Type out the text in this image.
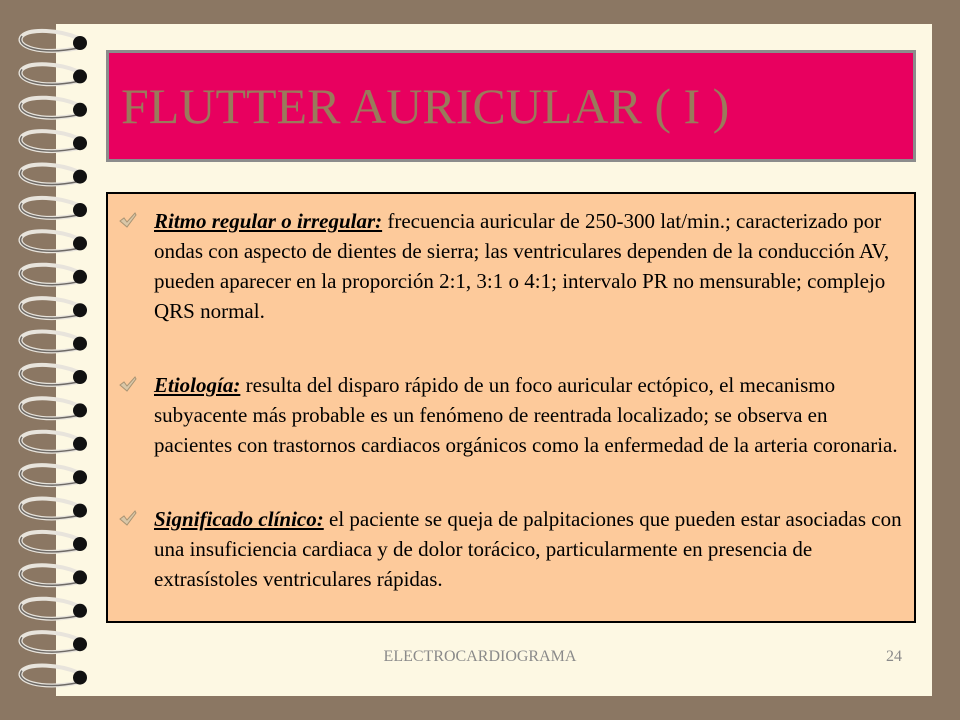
FLUTTER AURICULAR ( I )
Ritmo regular o irregular: frecuencia auricular de 250-300 lat/min.; caracterizado por ondas con aspecto de dientes de sierra; las ventriculares dependen de la conducción AV, pueden aparecer en la proporción 2:1, 3:1 o 4:1; intervalo PR no mensurable; complejo QRS normal.
Etiología: resulta del disparo rápido de un foco auricular ectópico, el mecanismo subyacente más probable es un fenómeno de reentrada localizado; se observa en pacientes con trastornos cardiacos orgánicos como la enfermedad de la arteria coronaria.
Significado clínico: el paciente se queja de palpitaciones que pueden estar asociadas con una insuficiencia cardiaca y de dolor torácico, particularmente en presencia de extrasístoles ventriculares rápidas.
ELECTROCARDIOGRAMA	24
